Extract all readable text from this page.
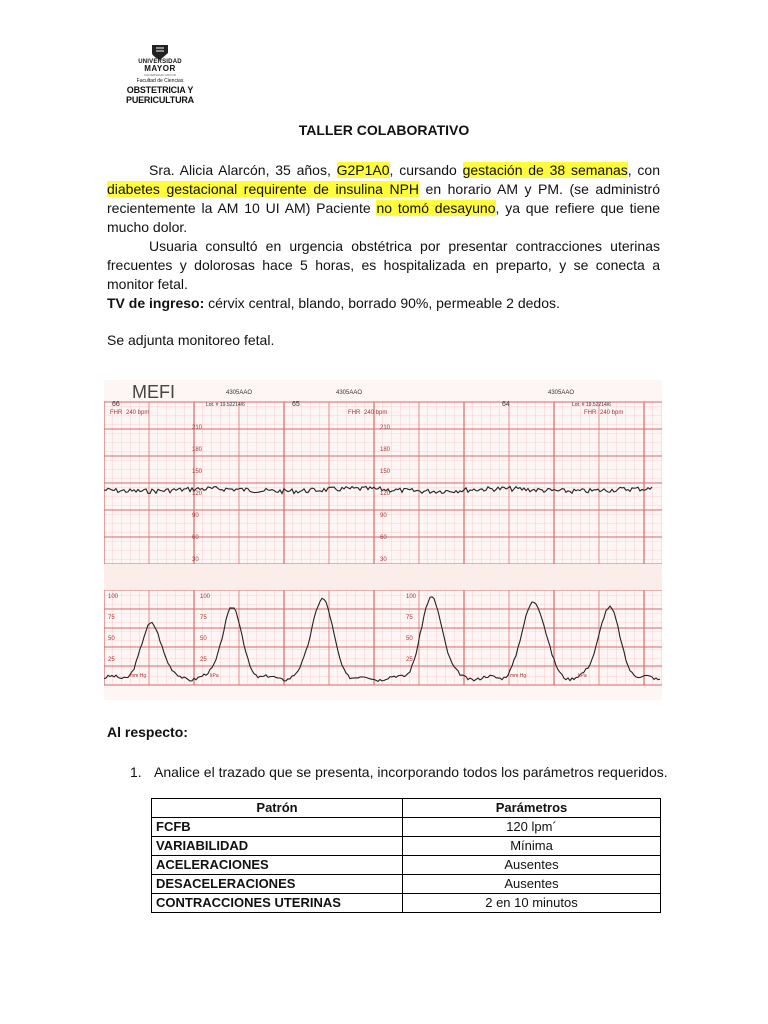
UNIVERSIDAD
MAYOR
UNIVERSIDAD MAYOR
Facultad de Ciencias
OBSTETRICIA Y
PUERICULTURA
TALLER COLABORATIVO
Sra. Alicia Alarcón, 35 años, G2P1A0, cursando gestación de 38 semanas, con diabetes gestacional requirente de insulina NPH en horario AM y PM. (se administró recientemente la AM 10 UI AM) Paciente no tomó desayuno, ya que refiere que tiene mucho dolor.
Usuaria consultó en urgencia obstétrica por presentar contracciones uterinas frecuentes y dolorosas hace 5 horas, es hospitalizada en preparto, y se conecta a monitor fetal.
TV de ingreso: cérvix central, blando, borrado 90%, permeable 2 dedos.
Se adjunta monitoreo fetal.
MEFI
66	65	64
4305AAO	4305AAO	4305AAO
Lot. # 19.52214/6	Lot. # 19.52214/6
FHR 240 bpm	FHR 240 bpm	FHR 240 bpm
210
180
150
120
90
60
30
210
180
150
120
90
60
30
100
75
50
25
100
75
50
25
100
75
50
25
mm Hg	kPa	mm Hg	kPa
Al respecto:
1. Analice el trazado que se presenta, incorporando todos los parámetros requeridos.
Patrón	Parámetros
FCFB	120 lpm´
VARIABILIDAD	Mínima
ACELERACIONES	Ausentes
DESACELERACIONES	Ausentes
CONTRACCIONES UTERINAS	2 en 10 minutos
